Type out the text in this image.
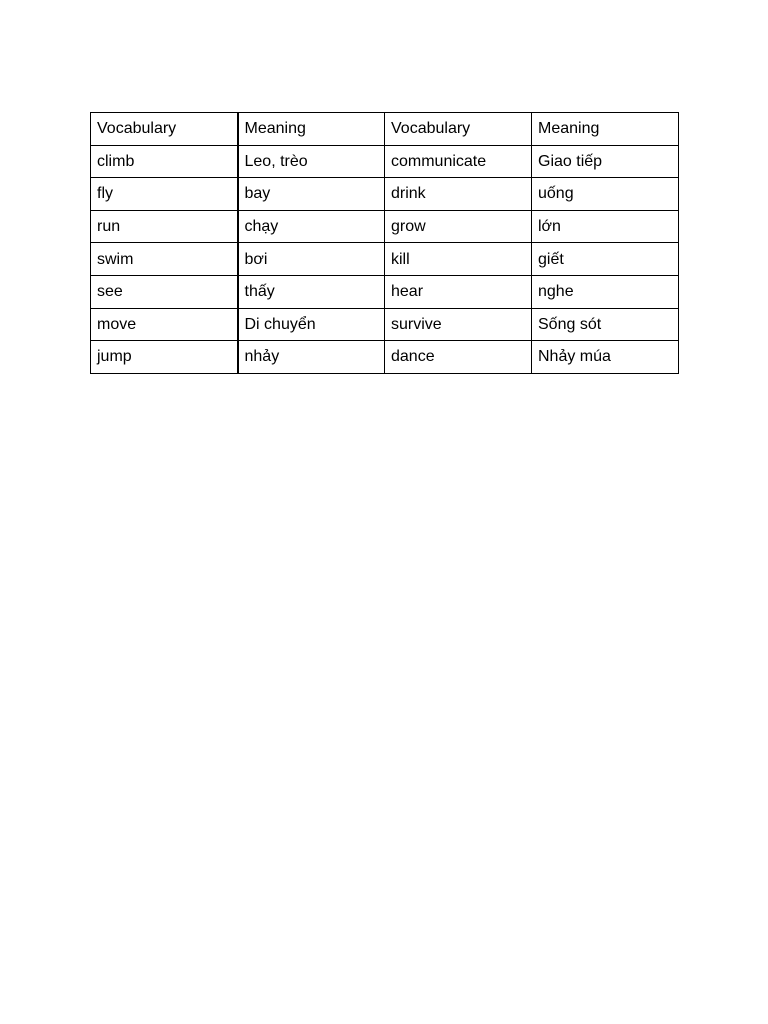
Vocabulary	Meaning	Vocabulary	Meaning
climb	Leo, trèo	communicate	Giao tiếp
fly	bay	drink	uống
run	chạy	grow	lớn
swim	bơi	kill	giết
see	thấy	hear	nghe
move	Di chuyển	survive	Sống sót
jump	nhảy	dance	Nhảy múa
